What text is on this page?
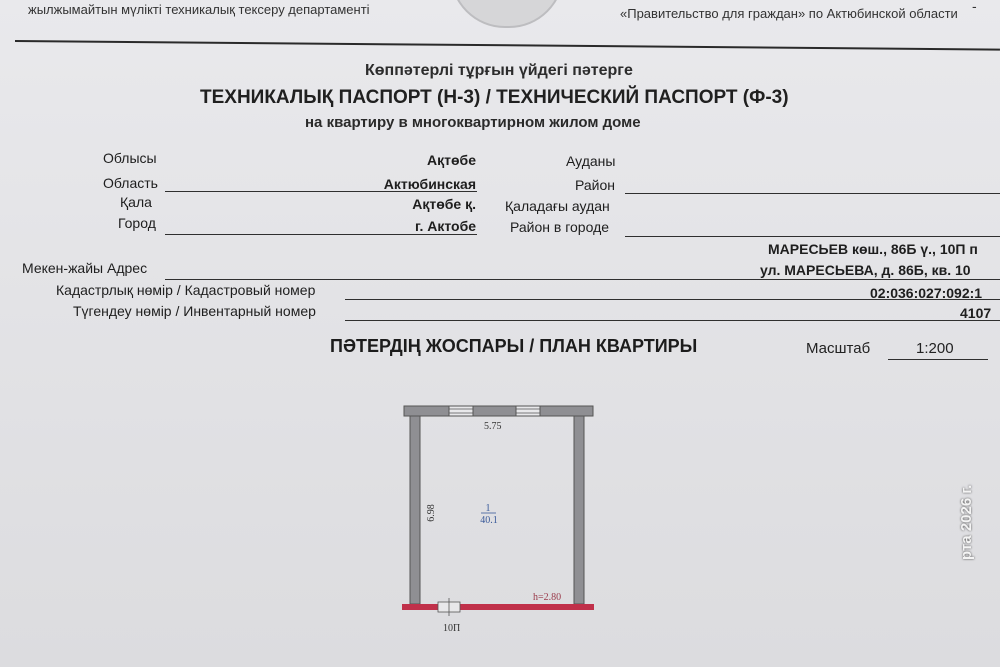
жылжымайтын мүлікті техникалық тексеру департаменті	«Правительство для граждан» по Актюбинской области -
Көппәтерлі тұрғын үйдегі пәтерге
ТЕХНИКАЛЫҚ ПАСПОРТ (Н-3) / ТЕХНИЧЕСКИЙ ПАСПОРТ (Ф-3)
на квартиру в многоквартирном жилом доме
Облысы	Ақтөбе
Область	Актюбинская
Қала	Ақтөбе қ.
Город	г. Актобе
Ауданы
Район
Қаладағы аудан
Район в городе
МАРЕСЬЕВ көш., 86Б ү., 10П п
Мекен-жайы Адрес	ул. МАРЕСЬЕВА, д. 86Б, кв. 10
Кадастрлық нөмір / Кадастровый номер	02:036:027:092:1
Түгендеу нөмір / Инвентарный номер	4107
ПӘТЕРДІҢ ЖОСПАРЫ / ПЛАН КВАРТИРЫ	Масштаб	1:200
5.75
6.98	1
40.1
h=2.80
10П
рта 2026 г.
